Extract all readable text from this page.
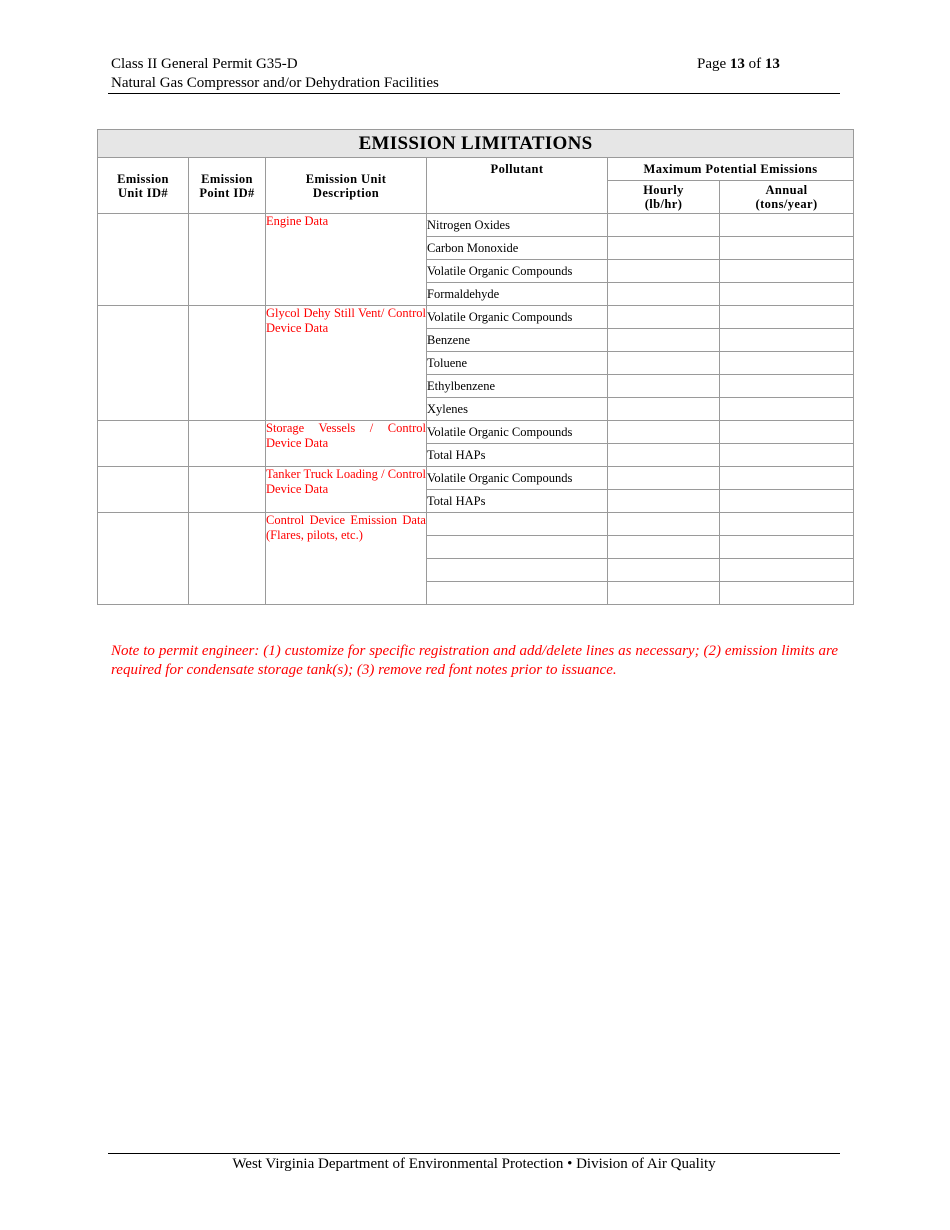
Class II General Permit G35-D
Natural Gas Compressor and/or Dehydration Facilities
Page 13 of 13
EMISSION LIMITATIONS					

Emission Unit ID#	Emission Point ID#	Emission Unit Description	Pollutant	Maximum Potential Emissions	

				Hourly (lb/hr)	Annual (tons/year)

		Engine Data	Nitrogen Oxides		
			Carbon Monoxide		
			Volatile Organic Compounds		
			Formaldehyde		
		Glycol Dehy Still Vent/ Control Device Data	Volatile Organic Compounds		
			Benzene		
			Toluene		
			Ethylbenzene		
			Xylenes		
		Storage Vessels / Control Device Data	Volatile Organic Compounds		
			Total HAPs		
		Tanker Truck Loading / Control Device Data	Volatile Organic Compounds		
			Total HAPs		
		Control Device Emission Data (Flares, pilots, etc.)			

Note to permit engineer: (1) customize for specific registration and add/delete lines as necessary; (2) emission limits are required for condensate storage tank(s); (3) remove red font notes prior to issuance.
West Virginia Department of Environmental Protection • Division of Air Quality
